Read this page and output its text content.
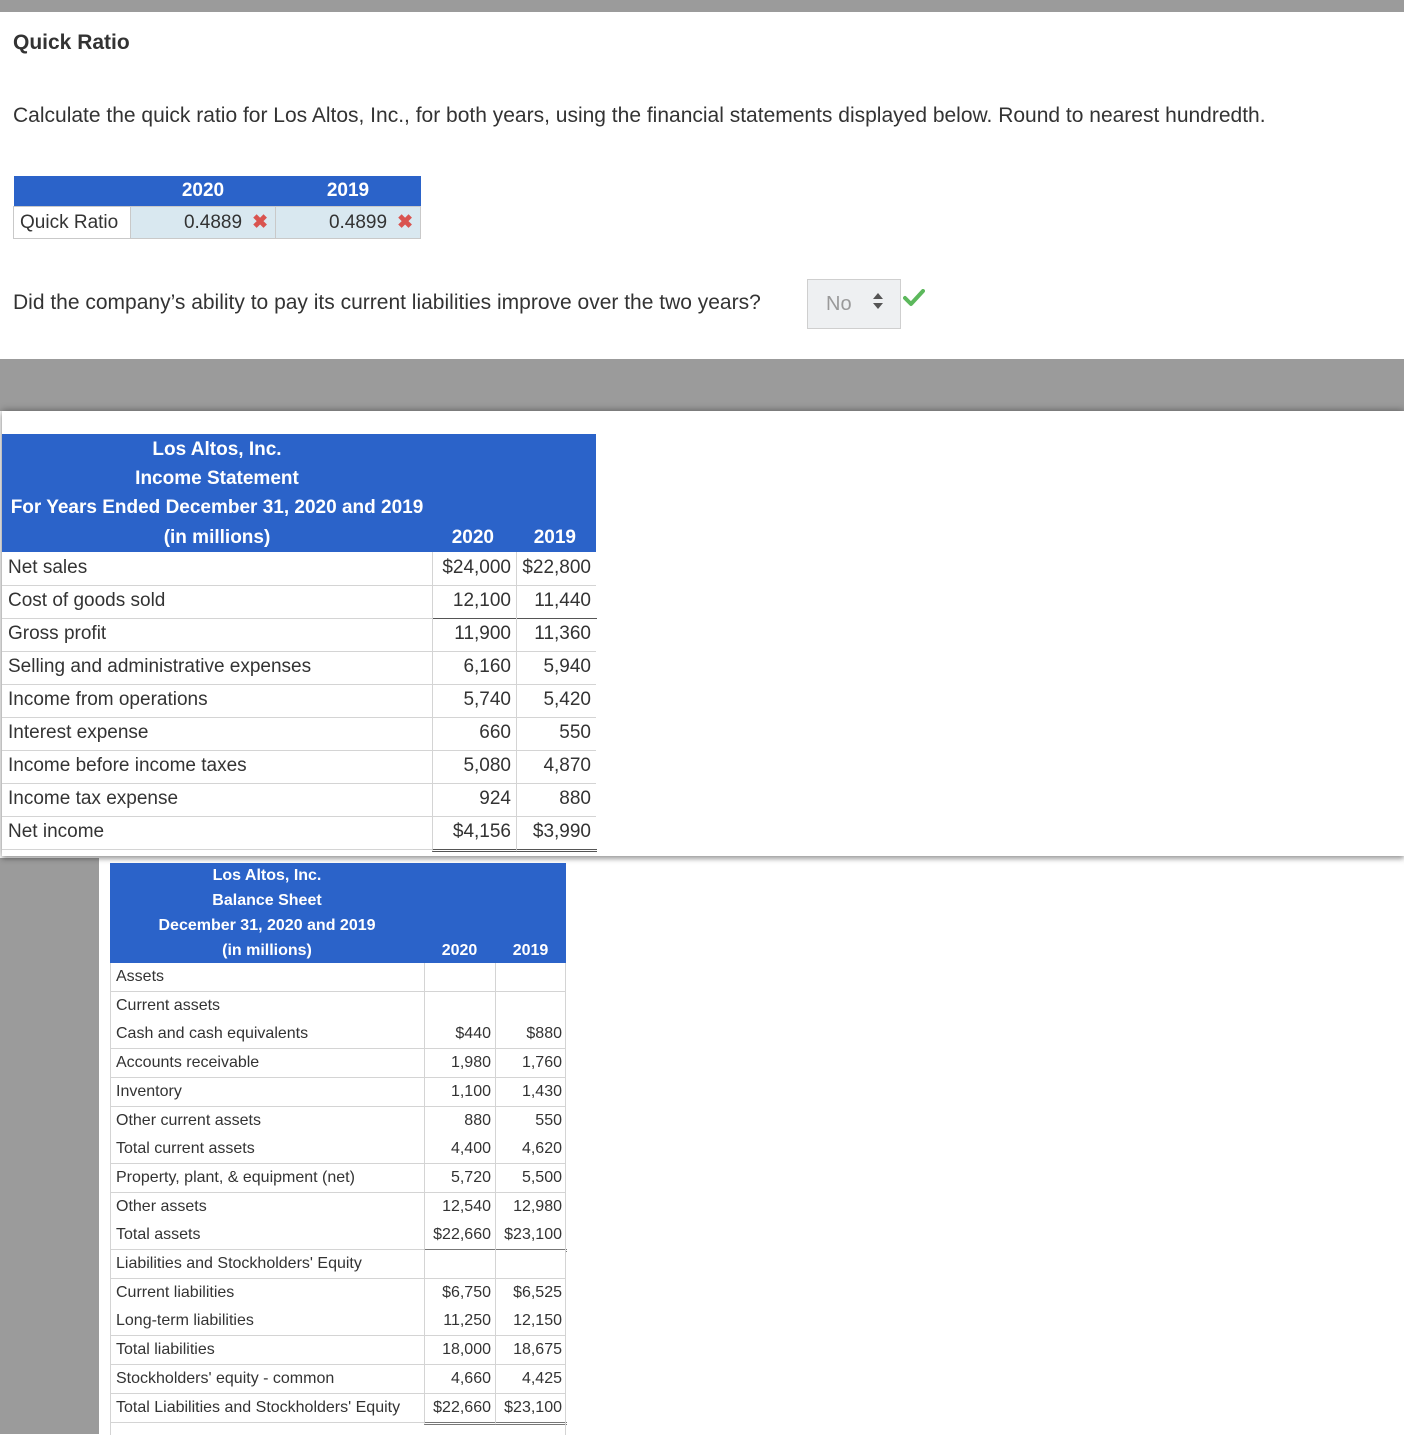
Quick Ratio
Calculate the quick ratio for Los Altos, Inc., for both years, using the financial statements displayed below. Round to nearest hundredth.
	2020	2019
Quick Ratio	0.4889 ✖	0.4899 ✖
Did the company’s ability to pay its current liabilities improve over the two years?	No
Los Altos, Inc.
Income Statement
For Years Ended December 31, 2020 and 2019
(in millions)	2020	2019
Net sales	$24,000 $22,800
Cost of goods sold	12,100 11,440
Gross profit	11,900 11,360
Selling and administrative expenses	6,160 5,940
Income from operations	5,740 5,420
Interest expense	660	550
Income before income taxes	5,080 4,870
Income tax expense	924	880
Net income	$4,156 $3,990
Los Altos, Inc.
Balance Sheet
December 31, 2020 and 2019
(in millions)	2020	2019
Assets
Current assets
Cash and cash equivalents	$440 $880
Accounts receivable	1,980 1,760
Inventory	1,100 1,430
Other current assets	880	550
Total current assets	4,400 4,620
Property, plant, & equipment (net)	5,720 5,500
Other assets	12,540 12,980
Total assets	$22,660 $23,100
Liabilities and Stockholders' Equity
Current liabilities	$6,750 $6,525
Long-term liabilities	11,250 12,150
Total liabilities	18,000 18,675
Stockholders' equity - common	4,660 4,425
Total Liabilities and Stockholders' Equity $22,660 $23,100
